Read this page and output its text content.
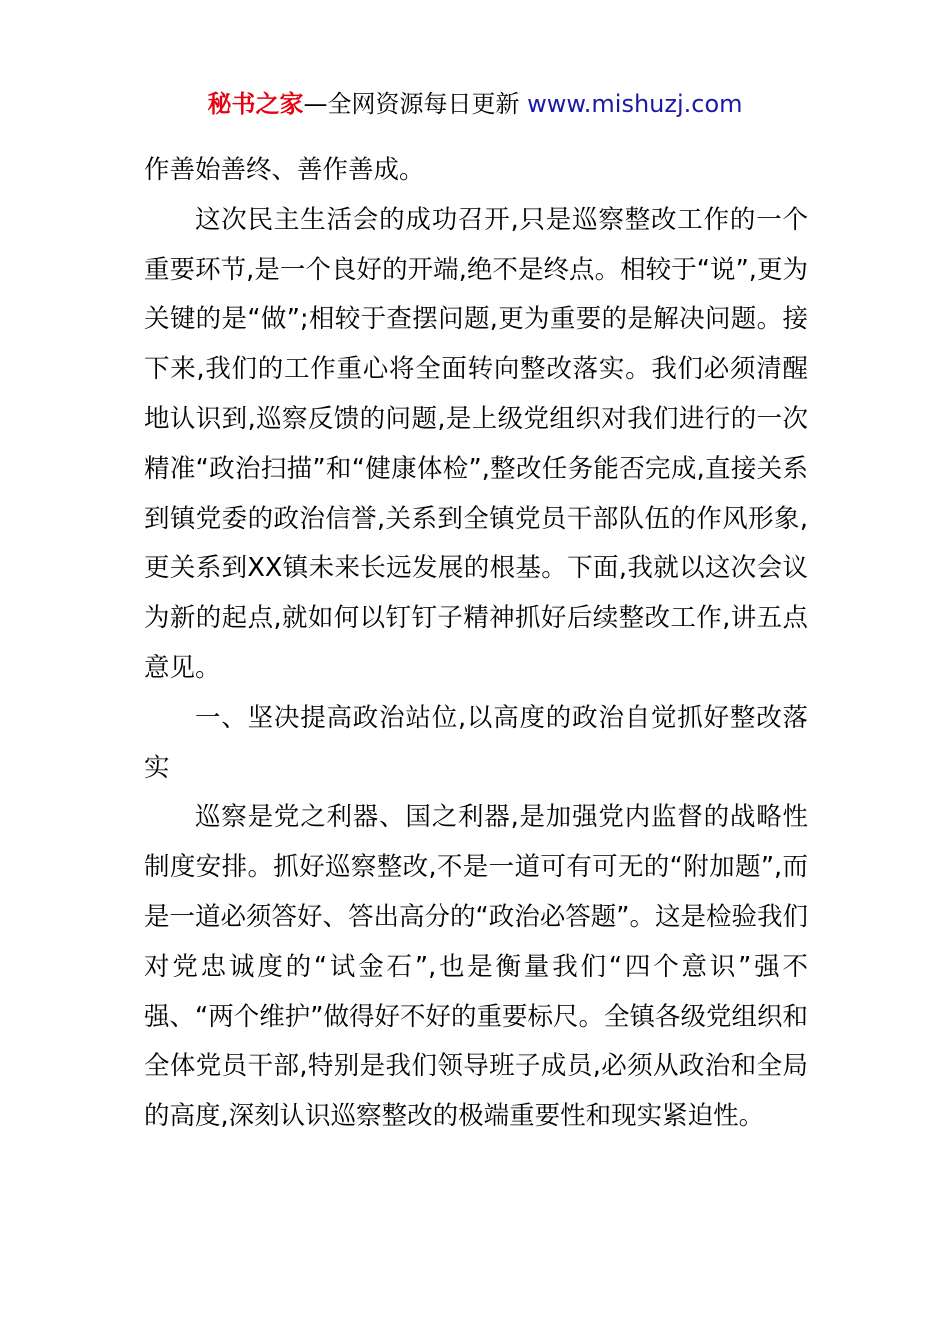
秘书之家—全网资源每日更新 www.mishuzj.com

作善始善终、善作善成。

这次民主生活会的成功召开,只是巡察整改工作的一个重要环节,是一个良好的开端,绝不是终点。相较于“说”,更为关键的是“做”;相较于查摆问题,更为重要的是解决问题。接下来,我们的工作重心将全面转向整改落实。我们必须清醒地认识到,巡察反馈的问题,是上级党组织对我们进行的一次精准“政治扫描”和“健康体检”,整改任务能否完成,直接关系到镇党委的政治信誉,关系到全镇党员干部队伍的作风形象,更关系到XX镇未来长远发展的根基。下面,我就以这次会议为新的起点,就如何以钉钉子精神抓好后续整改工作,讲五点意见。

一、坚决提高政治站位,以高度的政治自觉抓好整改落实

巡察是党之利器、国之利器,是加强党内监督的战略性制度安排。抓好巡察整改,不是一道可有可无的“附加题”,而是一道必须答好、答出高分的“政治必答题”。这是检验我们对党忠诚度的“试金石”,也是衡量我们“四个意识”强不强、“两个维护”做得好不好的重要标尺。全镇各级党组织和全体党员干部,特别是我们领导班子成员,必须从政治和全局的高度,深刻认识巡察整改的极端重要性和现实紧迫性。
